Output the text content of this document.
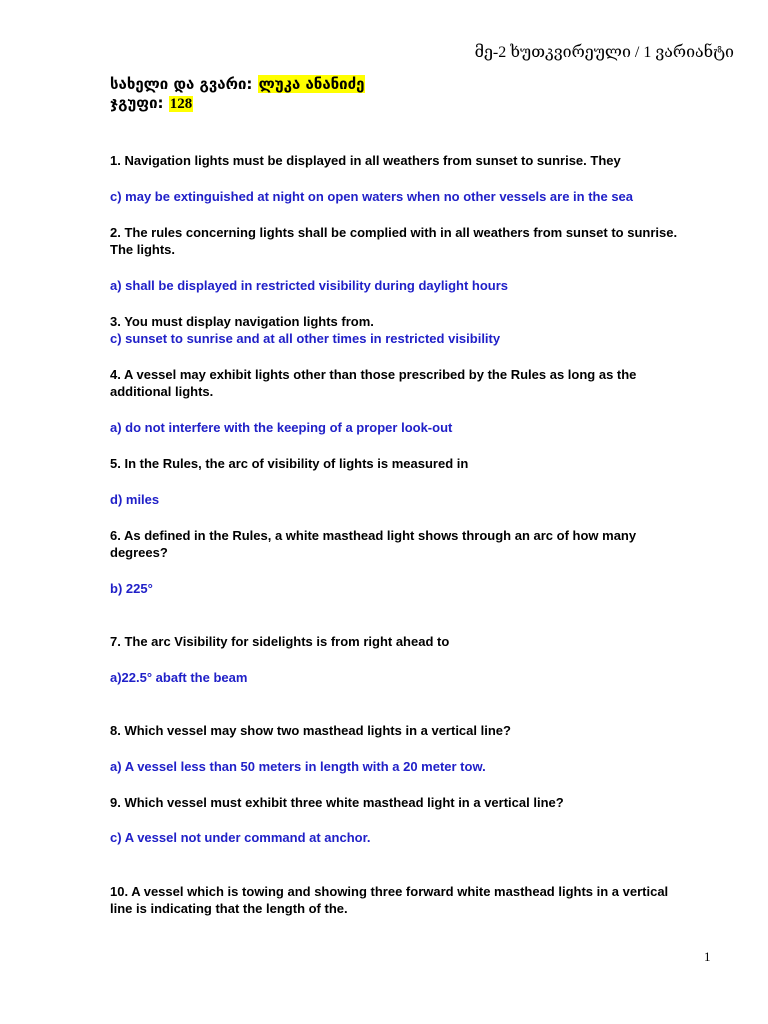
მე-2 ხუთკვირეული / 1 ვარიანტი
სახელი და გვარი: ლუკა ანანიძე
ჯგუფი: 128
1. Navigation lights must be displayed in all weathers from sunset to sunrise. They
c) may be extinguished at night on open waters when no other vessels are in the sea
2. The rules concerning lights shall be complied with in all weathers from sunset to sunrise.
The lights.
a) shall be displayed in restricted visibility during daylight hours
3. You must display navigation lights from.
c) sunset to sunrise and at all other times in restricted visibility
4. A vessel may exhibit lights other than those prescribed by the Rules as long as the
additional lights.
a) do not interfere with the keeping of a proper look-out
5. In the Rules, the arc of visibility of lights is measured in
d) miles
6. As defined in the Rules, a white masthead light shows through an arc of how many
degrees?
b) 225°
7. The arc Visibility for sidelights is from right ahead to
a)22.5° abaft the beam
8. Which vessel may show two masthead lights in a vertical line?
a) A vessel less than 50 meters in length with a 20 meter tow.
9. Which vessel must exhibit three white masthead light in a vertical line?
c) A vessel not under command at anchor.
10. A vessel which is towing and showing three forward white masthead lights in a vertical
line is indicating that the length of the.
1
